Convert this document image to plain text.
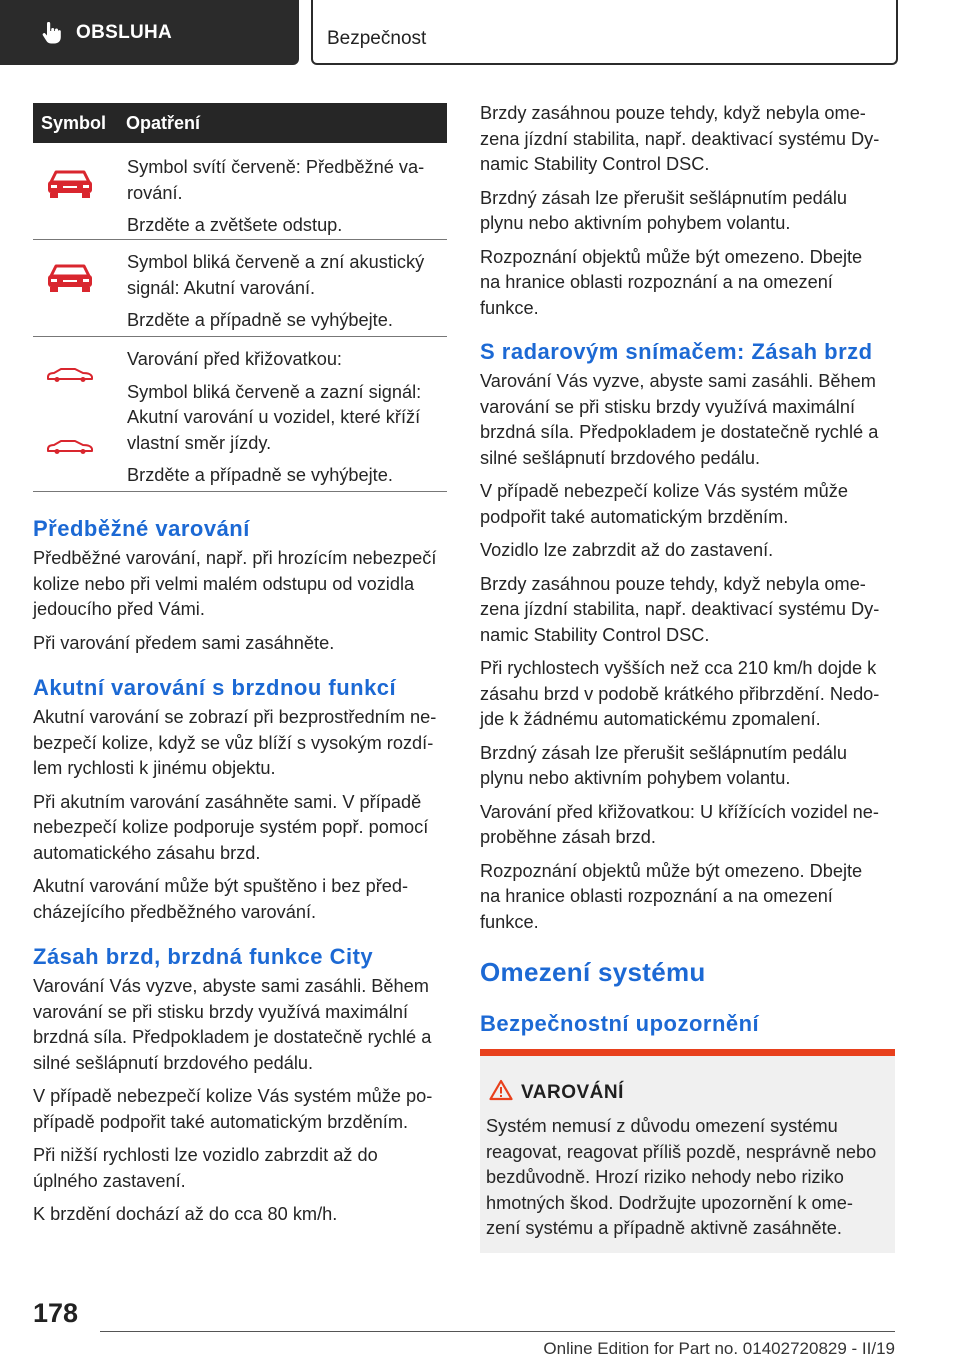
OBSLUHA	Bezpečnost
Symbol	Opatření

Symbol svítí červeně: Předběžné va-

rování.

Brzděte a zvětšete odstup.

Symbol bliká červeně a zní akustický

signál: Akutní varování.

Brzděte a případně se vyhýbejte.

Varování před křižovatkou:

Symbol bliká červeně a zazní signál:

Akutní varování u vozidel, které kříží

vlastní směr jízdy.

Brzděte a případně se vyhýbejte.

Předběžné varování

Předběžné varování, např. při hrozícím nebezpečí

kolize nebo při velmi malém odstupu od vozidla

jedoucího před Vámi.

Při varování předem sami zasáhněte.

Akutní varování s brzdnou funkcí

Akutní varování se zobrazí při bezprostředním ne-

bezpečí kolize, když se vůz blíží s vysokým rozdí-

lem rychlosti k jinému objektu.

Při akutním varování zasáhněte sami. V případě

nebezpečí kolize podporuje systém popř. pomocí

automatického zásahu brzd.

Akutní varování může být spuštěno i bez před-

cházejícího předběžného varování.

Zásah brzd, brzdná funkce City

Varování Vás vyzve, abyste sami zasáhli. Během

varování se při stisku brzdy využívá maximální

brzdná síla. Předpokladem je dostatečně rychlé a

silné sešlápnutí brzdového pedálu.

V případě nebezpečí kolize Vás systém může po-

případě podpořit také automatickým brzděním.

Při nižší rychlosti lze vozidlo zabrzdit až do

úplného zastavení.

K brzdění dochází až do cca 80 km/h.

Brzdy zasáhnou pouze tehdy, když nebyla ome-

zena jízdní stabilita, např. deaktivací systému Dy-

namic Stability Control DSC.

Brzdný zásah lze přerušit sešlápnutím pedálu

plynu nebo aktivním pohybem volantu.

Rozpoznání objektů může být omezeno. Dbejte

na hranice oblasti rozpoznání a na omezení

funkce.

S radarovým snímačem: Zásah brzd

Varování Vás vyzve, abyste sami zasáhli. Během

varování se při stisku brzdy využívá maximální

brzdná síla. Předpokladem je dostatečně rychlé a

silné sešlápnutí brzdového pedálu.

V případě nebezpečí kolize Vás systém může

podpořit také automatickým brzděním.

Vozidlo lze zabrzdit až do zastavení.

Brzdy zasáhnou pouze tehdy, když nebyla ome-

zena jízdní stabilita, např. deaktivací systému Dy-

namic Stability Control DSC.

Při rychlostech vyšších než cca 210 km/h dojde k

zásahu brzd v podobě krátkého přibrzdění. Nedo-

jde k žádnému automatickému zpomalení.

Brzdný zásah lze přerušit sešlápnutím pedálu

plynu nebo aktivním pohybem volantu.

Varování před křižovatkou: U křížících vozidel ne-

proběhne zásah brzd.

Rozpoznání objektů může být omezeno. Dbejte

na hranice oblasti rozpoznání a na omezení

funkce.

Omezení systému
Bezpečnostní upozornění
VAROVÁNÍ

Systém nemusí z důvodu omezení systému

reagovat, reagovat příliš pozdě, nesprávně nebo

bezdůvodně. Hrozí riziko nehody nebo riziko

hmotných škod. Dodržujte upozornění k ome-

zení systému a případně aktivně zasáhněte.

178
Online Edition for Part no. 01402720829 - II/19
